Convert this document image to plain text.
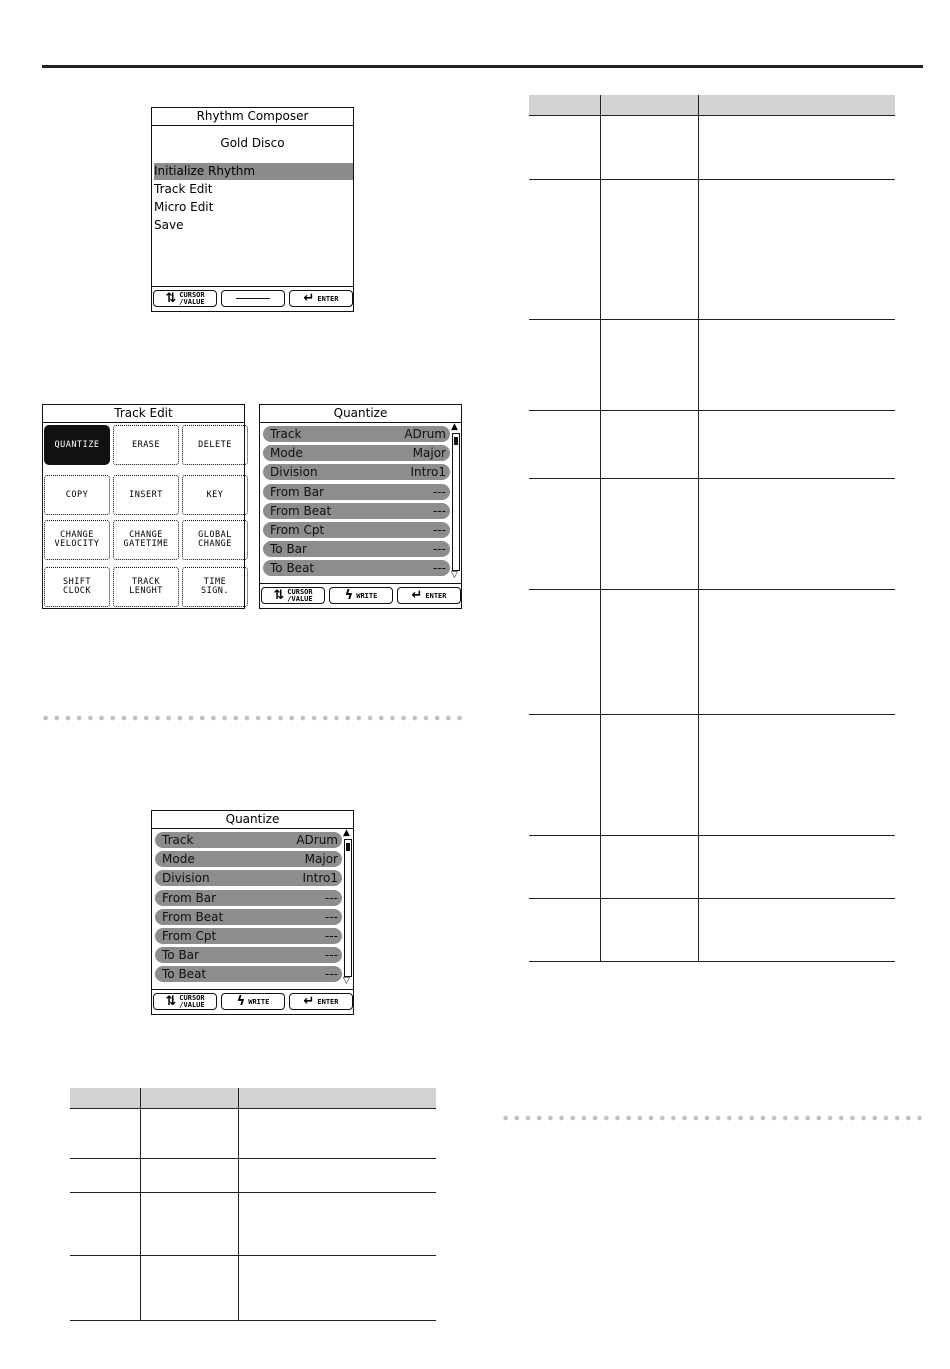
Rhythm Composer
Gold Disco
Initialize Rhythm
Track Edit
Micro Edit
Save
⇅ CURSOR
/VALUE	↵ ENTER
Track Edit
QUANTIZE	ERASE	DELETE
COPY	INSERT	KEY
CHANGE
VELOCITY
CHANGE
GATETIME
GLOBAL
CHANGE
SHIFT
CLOCK
TRACK
LENGHT
TIME
SIGN.
Quantize
Track	ADrum
Mode	Major
Division	Intro1
From Bar	---
From Beat	---
From Cpt	---
To Bar	---
To Beat	---
▲
▽
⇅ CURSOR
/VALUE ϟ WRITE	↵ ENTER
Quantize
Track	ADrum
Mode	Major
Division	Intro1
From Bar	---
From Beat	---
From Cpt	---
To Bar	---
To Beat	---
▲
▽
⇅ CURSOR
/VALUE ϟ WRITE	↵ ENTER
